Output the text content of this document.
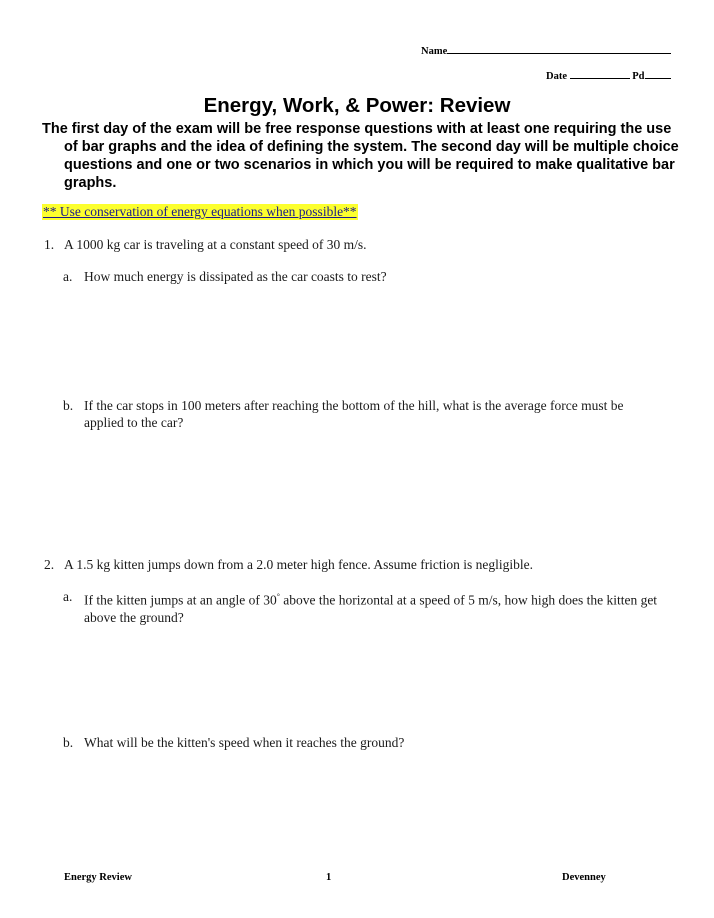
Name
Date	Pd
Energy, Work, & Power: Review

The first day of the exam will be free response questions with at least one requiring the use of bar graphs and the idea of defining the system. The second day will be multiple choice questions and one or two scenarios in which you will be required to make qualitative bar graphs.

** Use conservation of energy equations when possible**
1. A 1000 kg car is traveling at a constant speed of 30 m/s.
a. How much energy is dissipated as the car coasts to rest?
b. If the car stops in 100 meters after reaching the bottom of the hill, what is the average force must be applied to the car?
2. A 1.5 kg kitten jumps down from a 2.0 meter high fence. Assume friction is negligible.
a. If the kitten jumps at an angle of 30° above the horizontal at a speed of 5 m/s, how high does the kitten get above the ground?
b. What will be the kitten's speed when it reaches the ground?
Energy Review	1	Devenney
